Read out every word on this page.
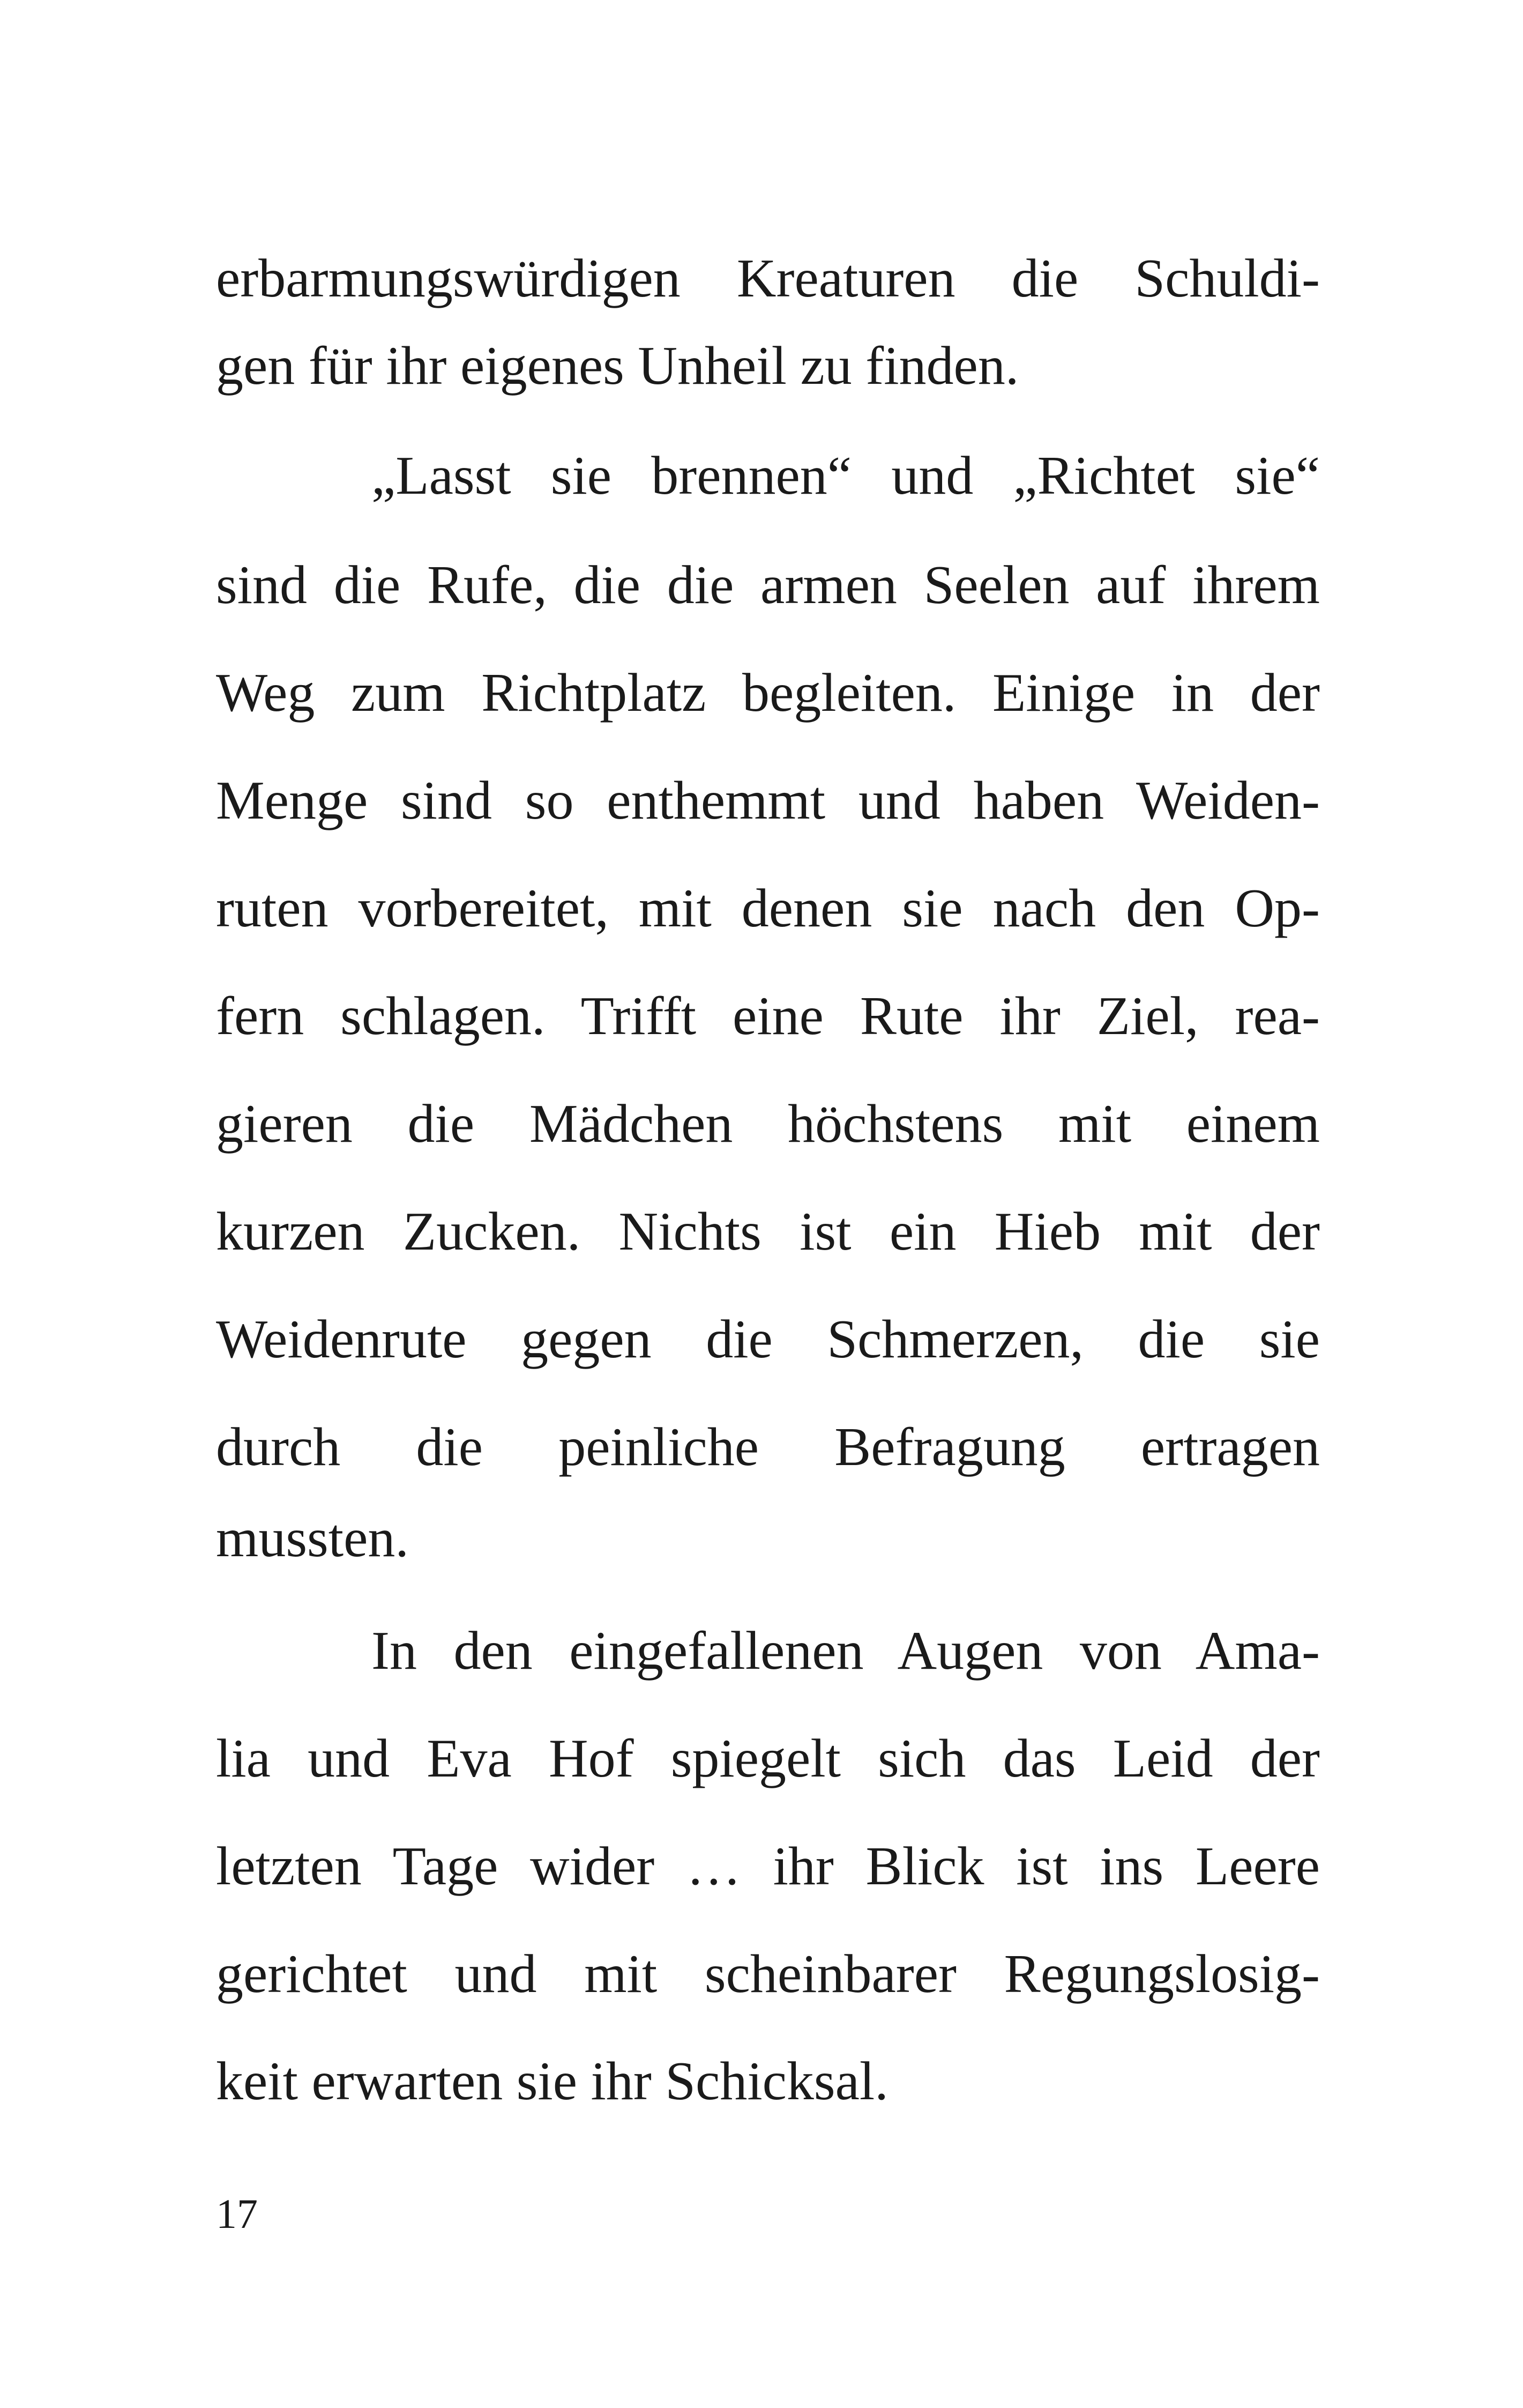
erbarmungswürdigen Kreaturen die Schuldi-
gen für ihr eigenes Unheil zu finden.
„Lasst sie brennen“ und „Richtet sie“
sind die Rufe, die die armen Seelen auf ihrem
Weg zum Richtplatz begleiten. Einige in der
Menge sind so enthemmt und haben Weiden-
ruten vorbereitet, mit denen sie nach den Op-
fern schlagen. Trifft eine Rute ihr Ziel, rea-
gieren die Mädchen höchstens mit einem
kurzen Zucken. Nichts ist ein Hieb mit der
Weidenrute gegen die Schmerzen, die sie
durch die peinliche Befragung ertragen
mussten.
In den eingefallenen Augen von Ama-
lia und Eva Hof spiegelt sich das Leid der
letzten Tage wider … ihr Blick ist ins Leere
gerichtet und mit scheinbarer Regungslosig-
keit erwarten sie ihr Schicksal.
17
